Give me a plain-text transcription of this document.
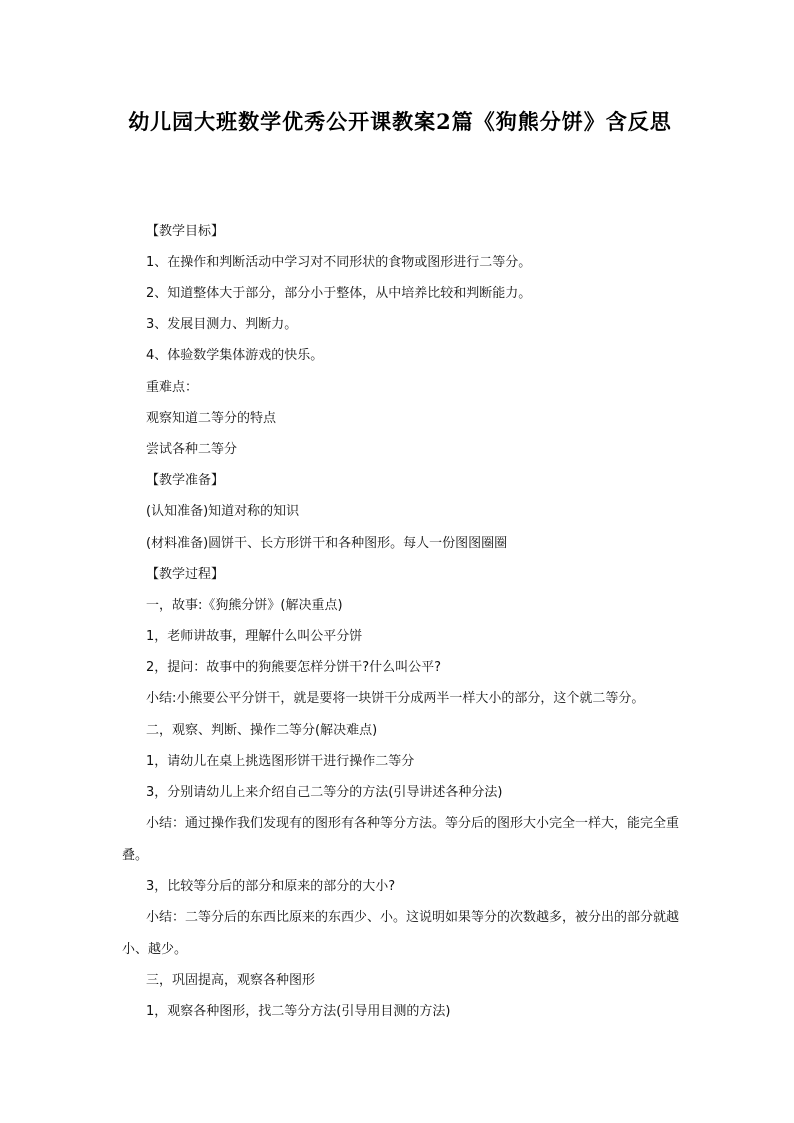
幼儿园大班数学优秀公开课教案2篇《狗熊分饼》含反思
【教学目标】
1、在操作和判断活动中学习对不同形状的食物或图形进行二等分。
2、知道整体大于部分，部分小于整体，从中培养比较和判断能力。
3、发展目测力、判断力。
4、体验数学集体游戏的快乐。
重难点：
观察知道二等分的特点
尝试各种二等分
【教学准备】
(认知准备)知道对称的知识
(材料准备)圆饼干、长方形饼干和各种图形。每人一份图图圈圈
【教学过程】
一，故事:《狗熊分饼》(解决重点)
1，老师讲故事，理解什么叫公平分饼
2，提问：故事中的狗熊要怎样分饼干?什么叫公平?
小结:小熊要公平分饼干，就是要将一块饼干分成两半一样大小的部分，这个就二等分。
二，观察、判断、操作二等分(解决难点)
1，请幼儿在桌上挑选图形饼干进行操作二等分
3，分别请幼儿上来介绍自己二等分的方法(引导讲述各种分法)
小结：通过操作我们发现有的图形有各种等分方法。等分后的图形大小完全一样大，能完全重叠。
3，比较等分后的部分和原来的部分的大小?
小结：二等分后的东西比原来的东西少、小。这说明如果等分的次数越多，被分出的部分就越小、越少。
三，巩固提高，观察各种图形
1，观察各种图形，找二等分方法(引导用目测的方法)
